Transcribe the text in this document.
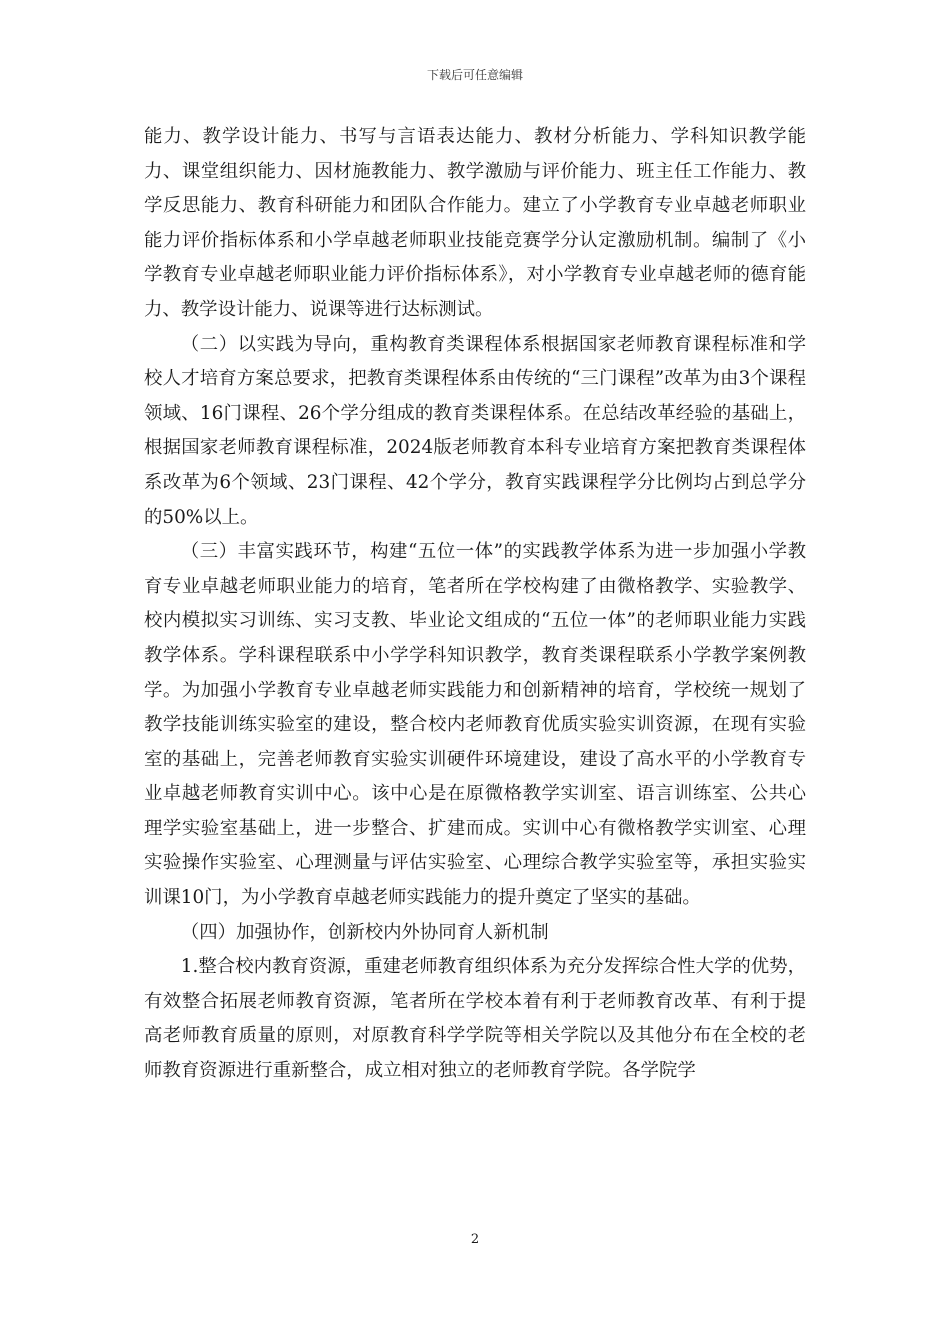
下载后可任意编辑

能力、教学设计能力、书写与言语表达能力、教材分析能力、学科知识教学能力、课堂组织能力、因材施教能力、教学激励与评价能力、班主任工作能力、教学反思能力、教育科研能力和团队合作能力。建立了小学教育专业卓越老师职业能力评价指标体系和小学卓越老师职业技能竞赛学分认定激励机制。编制了《小学教育专业卓越老师职业能力评价指标体系》，对小学教育专业卓越老师的德育能力、教学设计能力、说课等进行达标测试。

（二）以实践为导向，重构教育类课程体系根据国家老师教育课程标准和学校人才培育方案总要求，把教育类课程体系由传统的“三门课程”改革为由3个课程领域、16门课程、26个学分组成的教育类课程体系。在总结改革经验的基础上，根据国家老师教育课程标准，2024版老师教育本科专业培育方案把教育类课程体系改革为6个领域、23门课程、42个学分，教育实践课程学分比例均占到总学分的50%以上。

（三）丰富实践环节，构建“五位一体”的实践教学体系为进一步加强小学教育专业卓越老师职业能力的培育，笔者所在学校构建了由微格教学、实验教学、校内模拟实习训练、实习支教、毕业论文组成的“五位一体”的老师职业能力实践教学体系。学科课程联系中小学学科知识教学，教育类课程联系小学教学案例教学。为加强小学教育专业卓越老师实践能力和创新精神的培育，学校统一规划了教学技能训练实验室的建设，整合校内老师教育优质实验实训资源，在现有实验室的基础上，完善老师教育实验实训硬件环境建设，建设了高水平的小学教育专业卓越老师教育实训中心。该中心是在原微格教学实训室、语言训练室、公共心理学实验室基础上，进一步整合、扩建而成。实训中心有微格教学实训室、心理实验操作实验室、心理测量与评估实验室、心理综合教学实验室等，承担实验实训课10门，为小学教育卓越老师实践能力的提升奠定了坚实的基础。

（四）加强协作，创新校内外协同育人新机制

1.整合校内教育资源，重建老师教育组织体系为充分发挥综合性大学的优势，有效整合拓展老师教育资源，笔者所在学校本着有利于老师教育改革、有利于提高老师教育质量的原则，对原教育科学学院等相关学院以及其他分布在全校的老师教育资源进行重新整合，成立相对独立的老师教育学院。各学院学

2
